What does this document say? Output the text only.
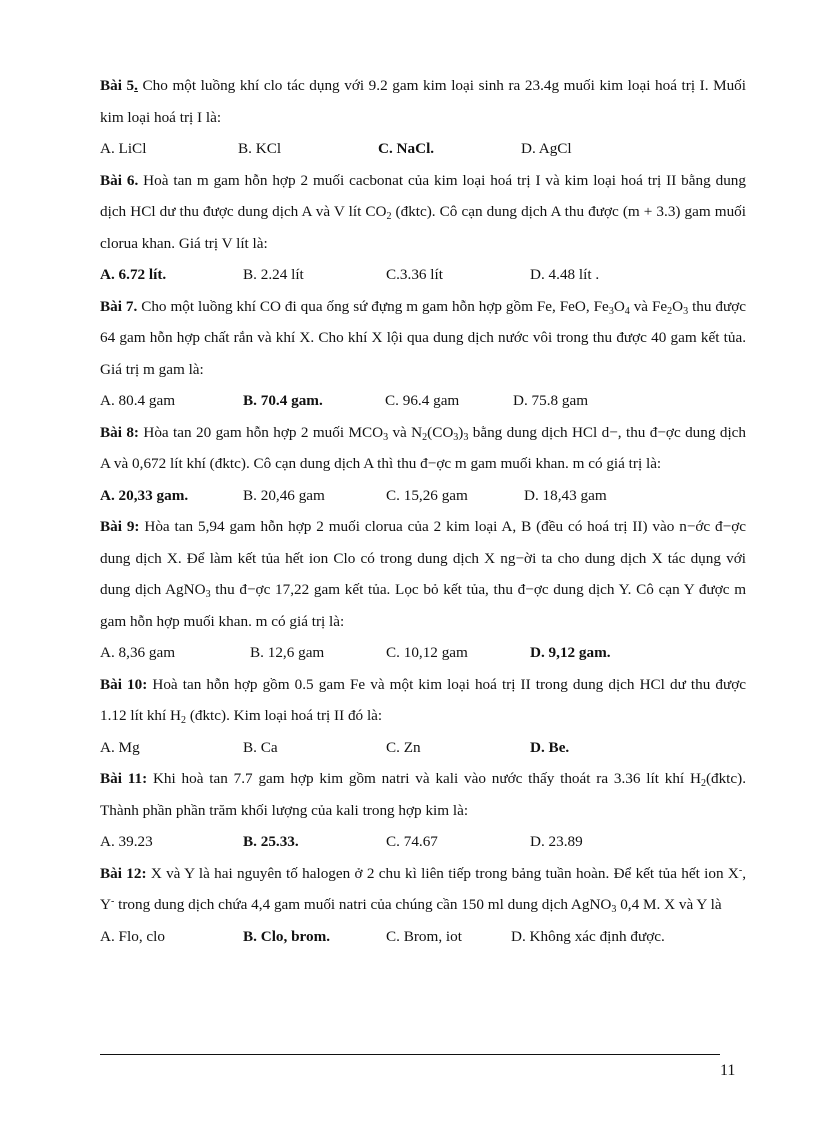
Bài 5. Cho một luồng khí clo tác dụng với 9.2 gam kim loại sinh ra 23.4g muối kim loại hoá trị I. Muối kim loại hoá trị I là:

A. LiCl	B. KCl	C. NaCl.	D. AgCl

Bài 6. Hoà tan m gam hỗn hợp 2 muối cacbonat của kim loại hoá trị I và kim loại hoá trị II bằng dung dịch HCl dư thu được dung dịch A và V lít $CO_2$ (đktc). Cô cạn dung dịch A thu được (m + 3.3) gam muối clorua khan. Giá trị V lít là:

A. 6.72 lít.	B. 2.24 lít	C.3.36 lít	D. 4.48 lít .

Bài 7. Cho một luồng khí CO đi qua ống sứ đựng m gam hỗn hợp gồm Fe, FeO, $Fe_3O_4$ và $Fe_2O_3$ thu được 64 gam hỗn hợp chất rắn và khí X. Cho khí X lội qua dung dịch nước vôi trong thu được 40 gam kết tủa. Giá trị m gam là:

A. 80.4 gam	B. 70.4 gam.	C. 96.4 gam	D. 75.8 gam

Bài 8: Hòa tan 20 gam hỗn hợp 2 muối $MCO_3$ và $N_2(CO_3)_3$ bằng dung dịch HCl d−, thu đ−ợc dung dịch A và 0,672 lít khí (đktc). Cô cạn dung dịch A thì thu đ−ợc m gam muối khan. m có giá trị là:

A. 20,33 gam.	B. 20,46 gam	C. 15,26 gam	D. 18,43 gam

Bài 9: Hòa tan 5,94 gam hỗn hợp 2 muối clorua của 2 kim loại A, B (đều có hoá trị II) vào n−ớc đ−ợc dung dịch X. Để làm kết tủa hết ion Clo có trong dung dịch X ng−ời ta cho dung dịch X tác dụng với dung dịch AgNO$_3$ thu đ−ợc 17,22 gam kết tủa. Lọc bỏ kết tủa, thu đ−ợc dung dịch Y. Cô cạn Y được m gam hỗn hợp muối khan. m có giá trị là:

A. 8,36 gam	B. 12,6 gam	C. 10,12 gam	D. 9,12 gam.

Bài 10: Hoà tan hỗn hợp gồm 0.5 gam Fe và một kim loại hoá trị II trong dung dịch HCl dư thu được 1.12 lít khí $H_2$ (đktc). Kim loại hoá trị II đó là:

A. Mg	B. Ca	C. Zn	D. Be.

Bài 11: Khi hoà tan 7.7 gam hợp kim gồm natri và kali vào nước thấy thoát ra 3.36 lít khí $H_2(đktc)$. Thành phần phần trăm khối lượng của kali trong hợp kim là:

A. 39.23	B. 25.33.	C. 74.67	D. 23.89

Bài 12: X và Y là hai nguyên tố halogen ở 2 chu kì liên tiếp trong bảng tuần hoàn. Để kết tủa hết ion X-, Y- trong dung dịch chứa 4,4 gam muối natri của chúng cần 150 ml dung dịch AgNO$_3$ 0,4 M. X và Y là

A. Flo, clo	B. Clo, brom.	C. Brom, iot	D. Không xác định được.
11
